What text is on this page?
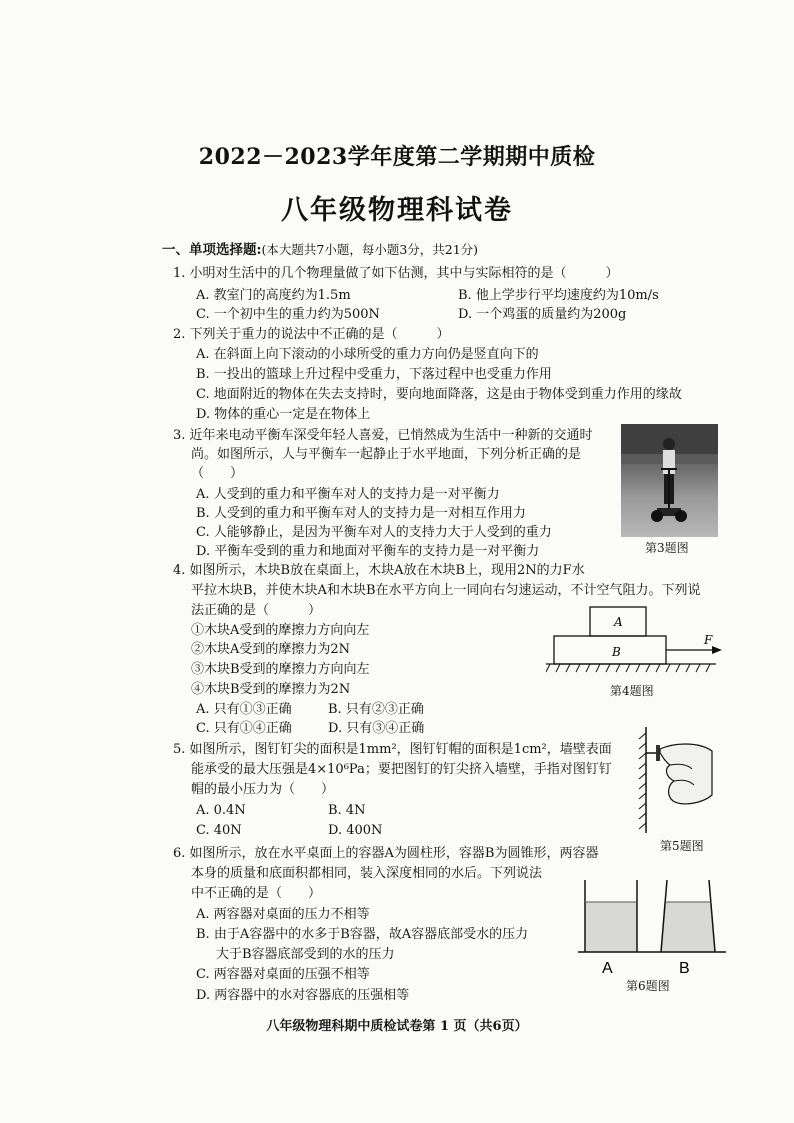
2022－2023学年度第二学期期中质检
八年级物理科试卷
一、单项选择题:(本大题共7小题，每小题3分，共21分)
1. 小明对生活中的几个物理量做了如下估测，其中与实际相符的是（　　　）
A. 教室门的高度约为1.5m	B. 他上学步行平均速度约为10m/s
C. 一个初中生的重力约为500N	D. 一个鸡蛋的质量约为200g
2. 下列关于重力的说法中不正确的是（　　　）
A. 在斜面上向下滚动的小球所受的重力方向仍是竖直向下的
B. 一投出的篮球上升过程中受重力，下落过程中也受重力作用
C. 地面附近的物体在失去支持时，要向地面降落，这是由于物体受到重力作用的缘故
D. 物体的重心一定是在物体上
3. 近年来电动平衡车深受年轻人喜爱，已悄然成为生活中一种新的交通时
尚。如图所示，人与平衡车一起静止于水平地面，下列分析正确的是
（　　）
A. 人受到的重力和平衡车对人的支持力是一对平衡力
B. 人受到的重力和平衡车对人的支持力是一对相互作用力
C. 人能够静止，是因为平衡车对人的支持力大于人受到的重力
D. 平衡车受到的重力和地面对平衡车的支持力是一对平衡力	第3题图
4. 如图所示，木块B放在桌面上，木块A放在木块B上，现用2N的力F水
平拉木块B，并使木块A和木块B在水平方向上一同向右匀速运动，不计空气阻力。下列说
法正确的是（　　　）
①木块A受到的摩擦力方向向左
②木块A受到的摩擦力为2N
③木块B受到的摩擦力方向向左
④木块B受到的摩擦力为2N
A. 只有①③正确	B. 只有②③正确
C. 只有①④正确	D. 只有③④正确
A
B
F
第4题图
5. 如图所示，图钉钉尖的面积是1mm²，图钉钉帽的面积是1cm²，墙壁表面
能承受的最大压强是4×10⁶Pa；要把图钉的钉尖挤入墙壁，手指对图钉钉
帽的最小压力为（　　）
A. 0.4N	B. 4N
C. 40N	D. 400N
第5题图
6. 如图所示，放在水平桌面上的容器A为圆柱形，容器B为圆锥形，两容器
本身的质量和底面积都相同，装入深度相同的水后。下列说法
中不正确的是（　　）
A. 两容器对桌面的压力不相等
B. 由于A容器中的水多于B容器，故A容器底部受水的压力
大于B容器底部受到的水的压力
C. 两容器对桌面的压强不相等
D. 两容器中的水对容器底的压强相等
A	B
第6题图
八年级物理科期中质检试卷第 1 页（共6页）
